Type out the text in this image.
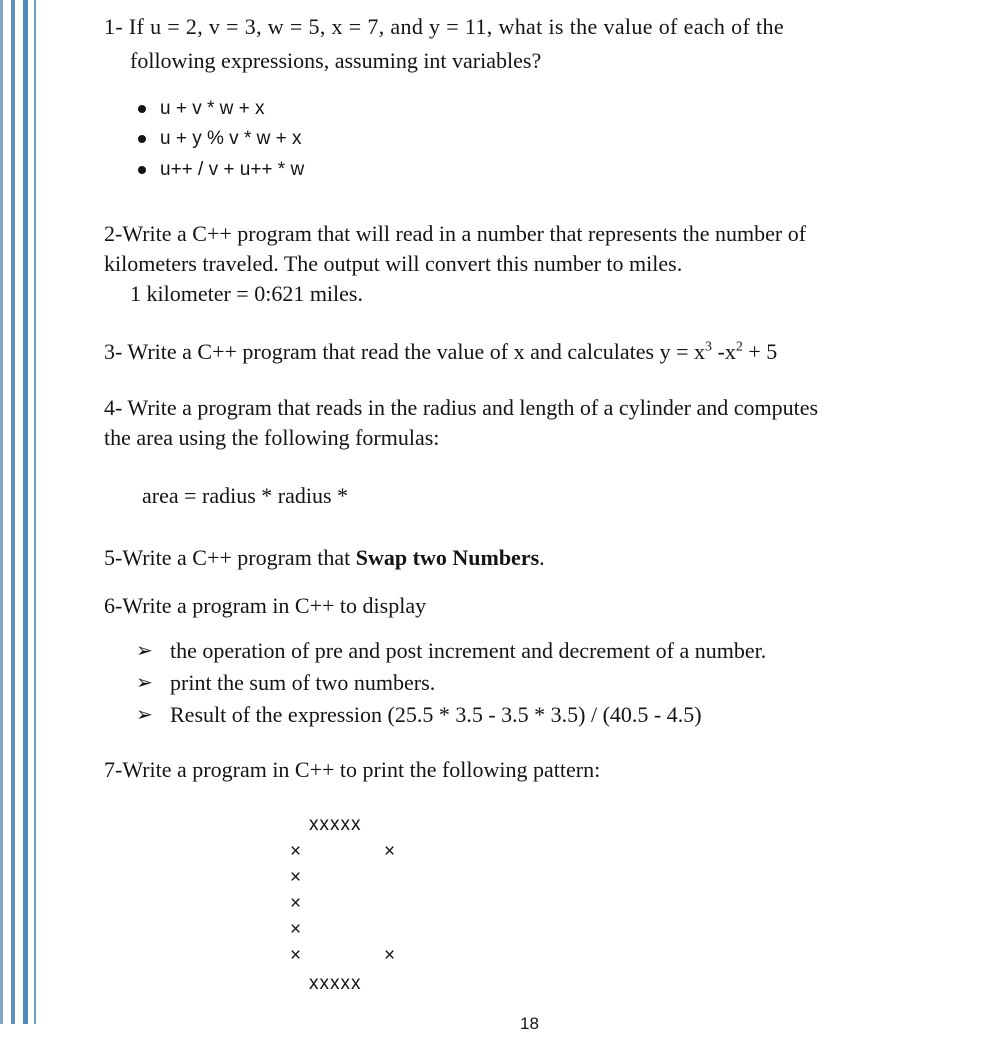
1- If u = 2, v = 3, w = 5, x = 7, and y = 11, what is the value of each of the
following expressions, assuming int variables?
u + v * w + x
u + y % v * w + x
u++ / v + u++ * w
2-Write a C++ program that will read in a number that represents the number of
kilometers traveled. The output will convert this number to miles.
1 kilometer = 0:621 miles.
3- Write a C++ program that read the value of x and calculates $y = x^3$ $-x^2 + 5$
4- Write a program that reads in the radius and length of a cylinder and computes
the area using the following formulas:
area = radius * radius *
5-Write a C++ program that Swap two Numbers.
6-Write a program in C++ to display
➢ the operation of pre and post increment and decrement of a number.
➢ print the sum of two numbers.
➢ Result of the expression (25.5 * 3.5 - 3.5 * 3.5) / (40.5 - 4.5)
7-Write a program in C++ to print the following pattern:
xxxxx
×	×
×
×
×
×	×
xxxxx
18
